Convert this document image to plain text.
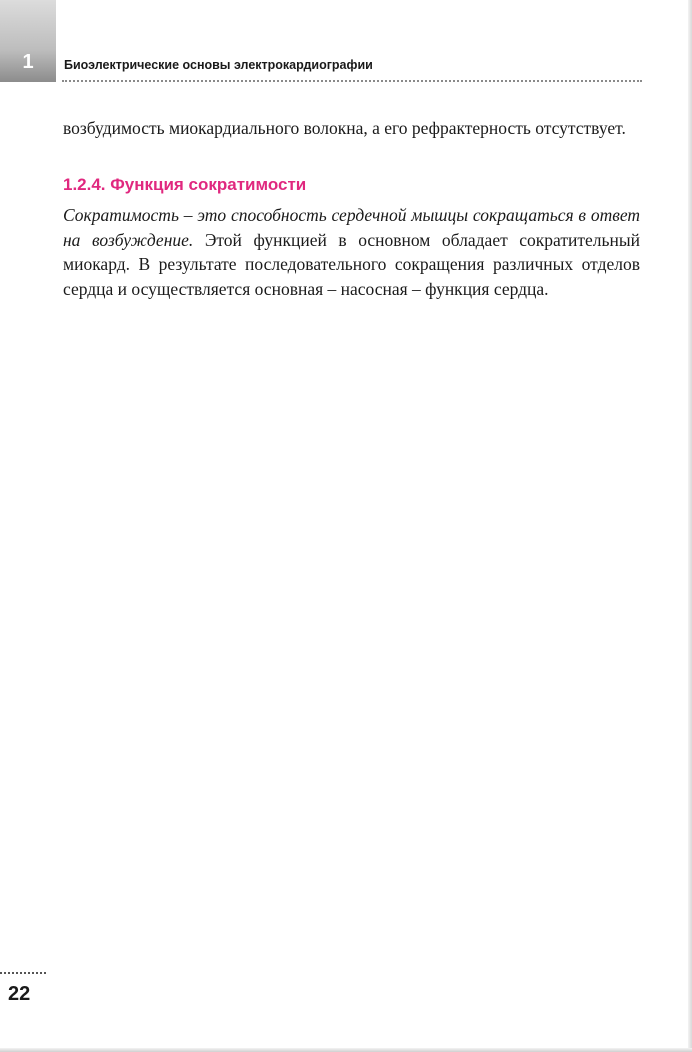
1	Биоэлектрические основы электрокардиографии

возбудимость миокардиального волокна, а его рефрактерность отсутствует.

1.2.4. Функция сократимости

Сократимость – это способность сердечной мышцы сокращаться в ответ на возбуждение. Этой функцией в основном обладает сократительный миокард. В результате последовательного сокращения различных отделов сердца и осуществляется основная – насосная – функция сердца.

22
